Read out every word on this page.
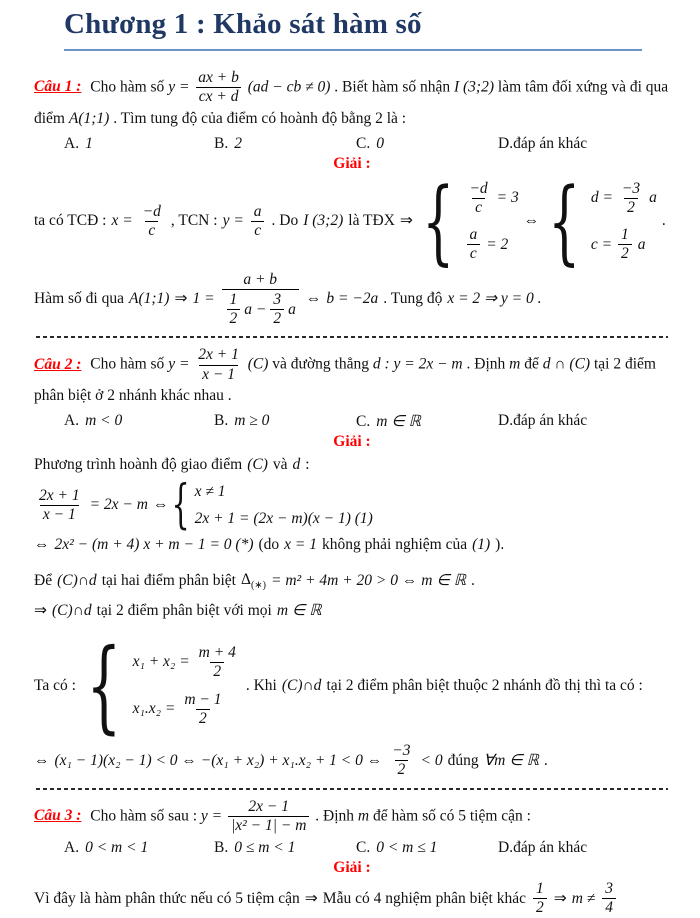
Chương 1 : Khảo sát hàm số
Câu 1 : Cho hàm số $y = \frac{ax + b}{cx + d} (ad$ − cb ≠ 0) . Biết hàm số nhận I (3;2) làm tâm đối xứng và đi qua điểm A(1;1) . Tìm tung độ của điểm có hoành độ bằng 2 là :
A. 1	B. 2	C. 0	D.đáp án khác
Giải :
ta có TCĐ : $x = \frac{-d}{c}$ , TCN : $y = \frac{a}{c}$ . Do I (3;2) là TĐX ⇒ { $\frac{-d}{c} = 3$
$\frac{a}{c} = 2$
⇔ { $d = \frac{-3}{2}$ a
$c = \frac{1}{2}$ a
.
Hàm số đi qua A(1;1) ⇒ $1 = \frac{a + b}{\frac{1}{2} a - \frac{3}{2} a}$ ⇔ b = −2a . Tung độ x = 2 ⇒ y = 0 .
Câu 2 : Cho hàm số $y = \frac{2x + 1}{x - 1} (C)$ và đường thẳng d : y = 2x − m . Định m để d ∩ (C) tại 2 điểm phân biệt ở 2 nhánh khác nhau .
A. m < 0	B. m ≥ 0	C. m ∈ ℝ	D.đáp án khác
Giải :
Phương trình hoành độ giao điểm (C) và d :
$\frac{2x + 1}{x - 1} = 2x - m$ ⇔ { x ≠ 1
2x + 1 = (2x − m)(x − 1) (1)
⇔ 2x² − (m + 4) x + m − 1 = 0 (*) (do x = 1 không phải nghiệm của (1) ).
Để (C)∩d tại hai điểm phân biệt $\Delta_{(∗)} = m^2 + 4m + 20 > 0$ ⇔ m ∈ ℝ .
⇒ (C)∩d tại 2 điểm phân biệt với mọi m ∈ ℝ
Ta có : { $x_1 + x_2 = \frac{m + 4}{2}$
$x_1.x_2 = \frac{m - 1}{2}$
. Khi (C)∩d tại 2 điểm phân biệt thuộc 2 nhánh đồ thị thì ta có :
⇔ (x₁ − 1)(x₂ − 1) < 0 ⇔ −(x₁ + x₂) + x₁.x₂ + 1 < 0 ⇔ $\frac{-3}{2} < 0$ đúng ∀m ∈ ℝ .
Câu 3 : Cho hàm số sau : $y = \frac{2x - 1}{\text{|x² − 1| − m}}$ . Định m để hàm số có 5 tiệm cận :
A. 0 < m < 1	B. 0 ≤ m < 1	C. 0 < m ≤ 1	D.đáp án khác
Giải :
Vì đây là hàm phân thức nếu có 5 tiệm cận ⇒ Mẫu có 4 nghiệm phân biệt khác $\frac{1}{2}$ ⇒ $m \ne \frac{3}{4}$
